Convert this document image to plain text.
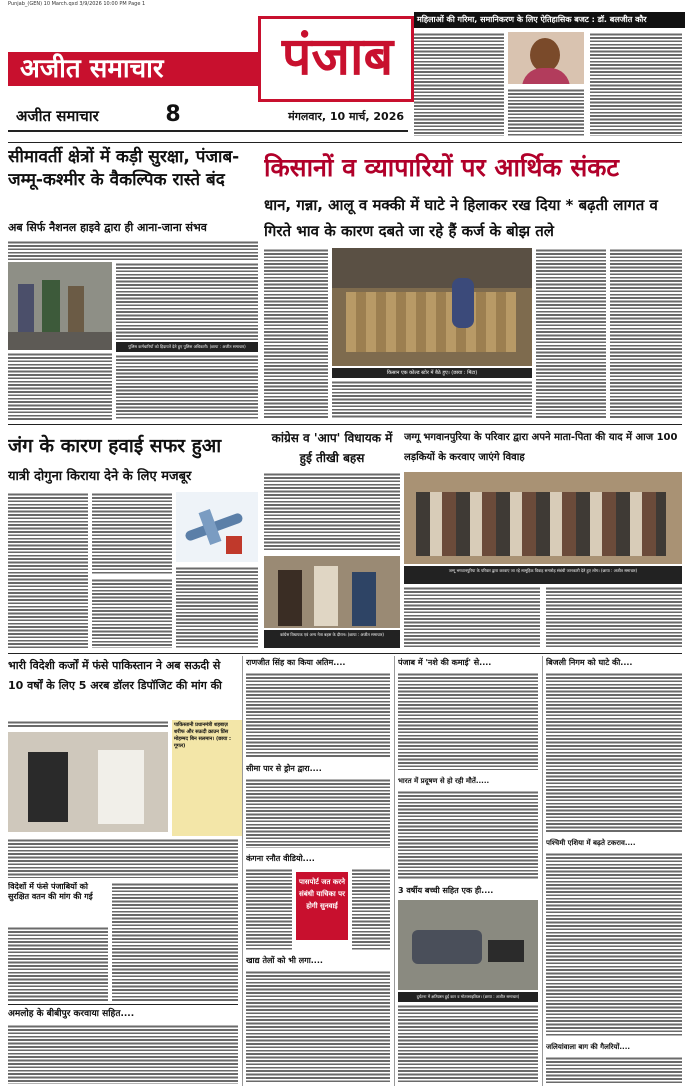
Punjab_(GEN) 10 March.qxd 3/9/2026 10:00 PM Page 1
अजीत समाचार	पंजाब
अजीत समाचार	8	मंगलवार, 10 मार्च, 2026
महिलाओं की गरिमा, समानिकरण के लिए ऐतिहासिक बजट : डॉ. बलजीत कौर
सीमावर्ती क्षेत्रों में कड़ी सुरक्षा, पंजाब-जम्मू-कश्मीर के वैकल्पिक रास्ते बंद
अब सिर्फ नैशनल हाइवे द्वारा ही आना-जाना संभव
पुलिस कर्मचारियों को हिदायतें देते हुए पुलिस अधिकारी। (छाया : अजीत समाचार)
किसानों व व्यापारियों पर आर्थिक संकट
धान, गन्ना, आलू व मक्की में घाटे ने हिलाकर रख दिया * बढ़ती लागत व गिरते भाव के कारण दबते जा रहे हैं कर्ज के बोझ तले
किसान एक कोल्ड स्टोर में बैठे हुए। (छाया : मिंटा)
जंग के कारण हवाई सफर हुआ
यात्री दोगुना किराया देने के लिए मजबूर
कांग्रेस व 'आप' विधायक में हुई तीखी बहस
कांग्रेस विधायक एवं अन्य नेता बहस के दौरान। (छाया : अजीत समाचार)
जग्गू भगवानपुरिया के परिवार द्वारा अपने माता-पिता की याद में आज 100 लड़कियों के करवाए जाएंगे विवाह
जग्गू भगवानपुरिया के परिवार द्वारा करवाए जा रहे सामूहिक विवाह समारोह संबंधी जानकारी देते हुए लोग। (छाया : अजीत समाचार)
भारी विदेशी कर्जों में फंसे पाकिस्तान ने अब सऊदी से 10 वर्षों के लिए 5 अरब डॉलर डिपॉजिट की मांग की
पाकिस्तानी प्रधानमंत्री शहबाज़ शरीफ और सऊदी क्राउन प्रिंस मोहम्मद बिन सलमान। (छाया : गूगल)
विदेशों में फंसे पंजाबियों को सुरक्षित वतन की मांग की गई
अमलोह के बीबीपुर करवाया सहित....
राणजीत सिंह का किया अतिम....
सीमा पार से ड्रोन द्वारा....
कंगना रनौत वीडियो....
पासपोर्ट जत करने संबंधी याचिका पर होगी सुनवाई
खाद्य तेलों को भी लगा....
पंजाब में 'नशे की कमाई' से....
भारत में प्रदूषण से हो रही मौतें.....
3 वर्षीय बच्ची सहित एक ही....
दुर्घटना में क्षतिग्रस्त हुई कार व मोटरसाइकिल। (छाया : अजीत समाचार)
बिजली निगम को घाटे की....
पश्चिमी एशिया में बढ़ते टकराव....
जलियांवाला बाग की गैलरियों....
